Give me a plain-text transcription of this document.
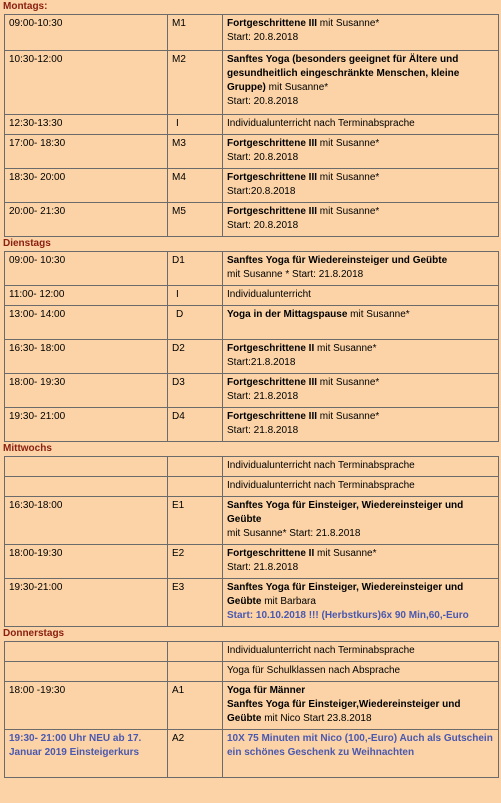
Montags:
09:00-10:30	M1	Fortgeschrittene III mit Susanne*
Start: 20.8.2018
10:30-12:00	M2	Sanftes Yoga (besonders geeignet für Ältere und gesundheitlich eingeschränkte Menschen, kleine Gruppe) mit Susanne*
Start: 20.8.2018
12:30-13:30	I	Individualunterricht nach Terminabsprache
17:00- 18:30	M3	Fortgeschrittene III mit Susanne*
Start: 20.8.2018
18:30- 20:00	M4	Fortgeschrittene III mit Susanne*
Start:20.8.2018
20:00- 21:30	M5	Fortgeschrittene III mit Susanne*
Start: 20.8.2018
Dienstags
09:00- 10:30	D1	Sanftes Yoga für Wiedereinsteiger und Geübte
mit Susanne * Start: 21.8.2018
11:00- 12:00	I	Individualunterricht
13:00- 14:00	D	Yoga in der Mittagspause mit Susanne*
16:30- 18:00	D2	Fortgeschrittene II mit Susanne*
Start:21.8.2018
18:00- 19:30	D3	Fortgeschrittene III mit Susanne*
Start: 21.8.2018
19:30- 21:00	D4	Fortgeschrittene III mit Susanne*
Start: 21.8.2018
Mittwochs
		Individualunterricht nach Terminabsprache
		Individualunterricht nach Terminabsprache
16:30-18:00	E1	Sanftes Yoga für Einsteiger, Wiedereinsteiger und Geübte
mit Susanne* Start: 21.8.2018
18:00-19:30	E2	Fortgeschrittene II mit Susanne*
Start: 21.8.2018
19:30-21:00	E3	Sanftes Yoga für Einsteiger, Wiedereinsteiger und Geübte mit Barbara
Start: 10.10.2018 !!! (Herbstkurs)6x 90 Min,60,-Euro
Donnerstags
		Individualunterricht nach Terminabsprache
		Yoga für Schulklassen nach Absprache
18:00 -19:30	A1	Yoga für Männer
Sanftes Yoga für Einsteiger,Wiedereinsteiger und Geübte mit Nico Start 23.8.2018
19:30- 21:00 Uhr NEU ab 17. Januar 2019 Einsteigerkurs	A2	10X 75 Minuten mit Nico (100,-Euro) Auch als Gutschein ein schönes Geschenk zu Weihnachten
